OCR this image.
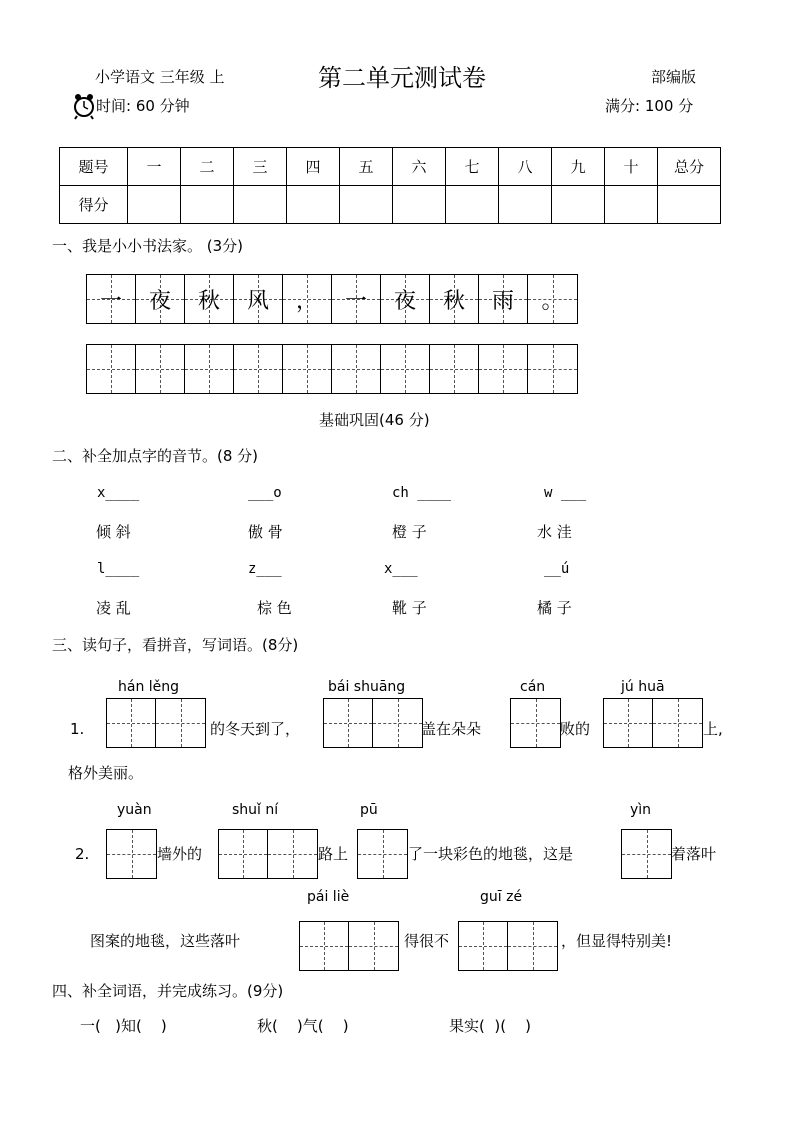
小学语文 三年级 上	第二单元测试卷	部编版
时间: 60 分钟	满分: 100 分
题号	一	二	三	四	五	六	七	八	九	十	总分
得分											
一、我是小小书法家。 (3分)
一 夜 秋 风 ， 一 夜 秋 雨 。
基础巩固(46 分)
二、补全加点字的音节。(8 分)
x____	___o	ch ____	w ___
倾 斜	傲 骨	橙 子	水 洼
l____	z___	x___	__ú
凌 乱	棕 色	靴 子	橘 子
三、读句子，看拼音，写词语。(8分)
hán lěng	bái shuāng	cán	jú huā
1.	的冬天到了，	盖在朵朵	败的	上,
格外美丽。
yuàn	shuǐ ní	pū	yìn
2.	墙外的	路上	了一块彩色的地毯，这是	着落叶
pái liè	guī zé
图案的地毯，这些落叶	得很不	，但显得特别美!
四、补全词语，并完成练习。(9分)
一(   )知(    )	秋(    )气(    )	果实(  )(    )
